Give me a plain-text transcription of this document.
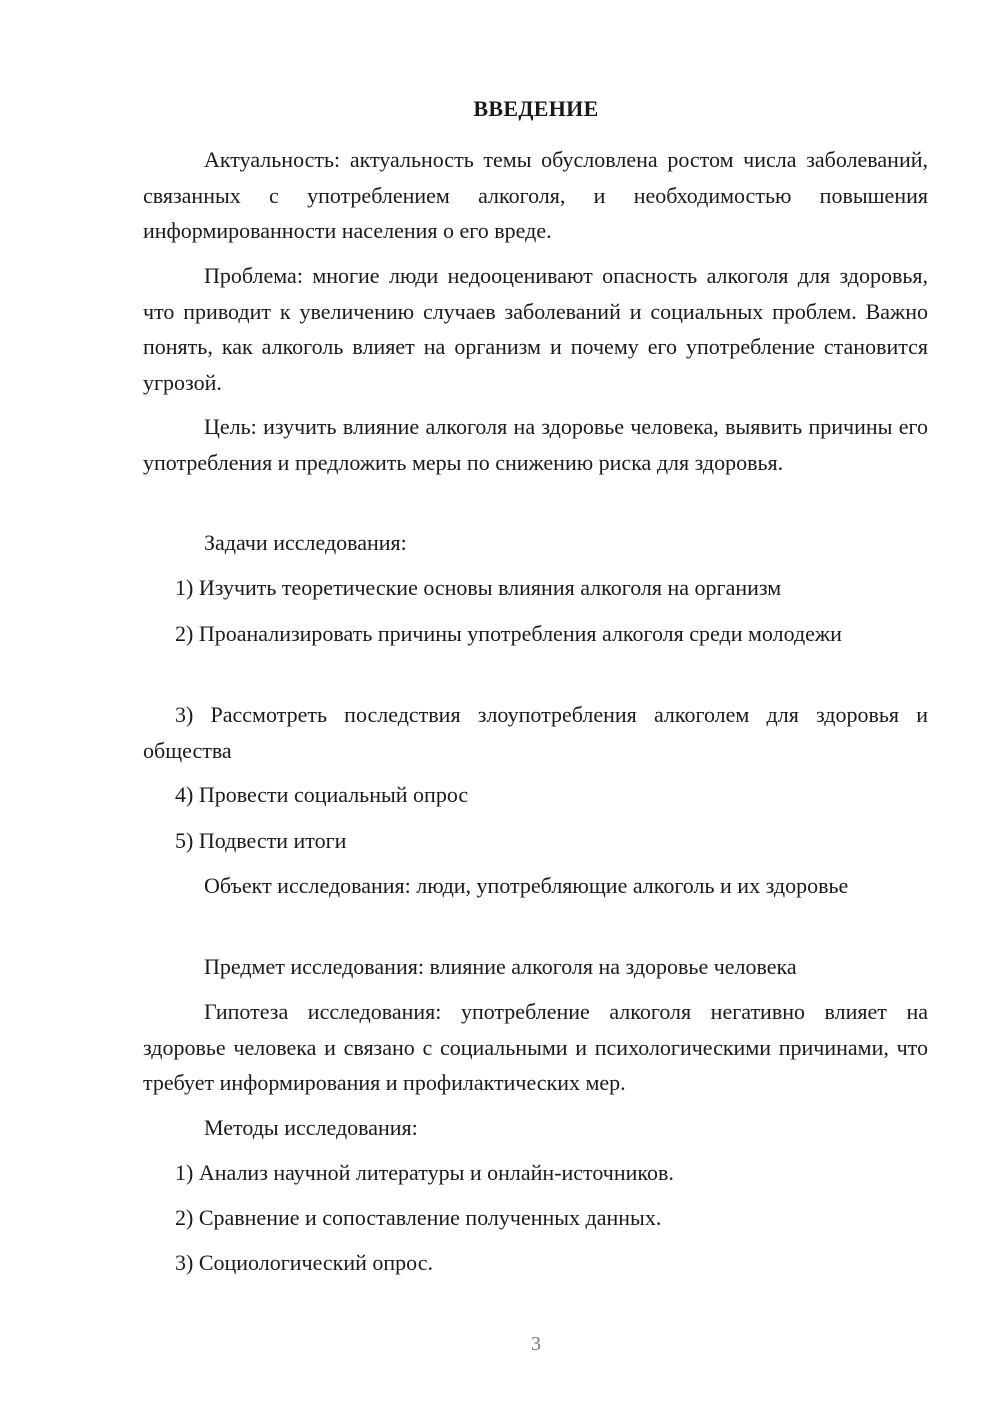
ВВЕДЕНИЕ

Актуальность: актуальность темы обусловлена ростом числа заболеваний, связанных с употреблением алкоголя, и необходимостью повышения информированности населения о его вреде.

Проблема: многие люди недооценивают опасность алкоголя для здоровья, что приводит к увеличению случаев заболеваний и социальных проблем. Важно понять, как алкоголь влияет на организм и почему его употребление становится угрозой.

Цель: изучить влияние алкоголя на здоровье человека, выявить причины его употребления и предложить меры по снижению риска для здоровья.

Задачи исследования:

1) Изучить теоретические основы влияния алкоголя на организм

2) Проанализировать причины употребления алкоголя среди молодежи

3) Рассмотреть последствия злоупотребления алкоголем для здоровья и общества

4) Провести социальный опрос

5) Подвести итоги

Объект исследования: люди, употребляющие алкоголь и их здоровье

Предмет исследования: влияние алкоголя на здоровье человека

Гипотеза исследования: употребление алкоголя негативно влияет на здоровье человека и связано с социальными и психологическими причинами, что требует информирования и профилактических мер.

Методы исследования:

1) Анализ научной литературы и онлайн-источников.

2) Сравнение и сопоставление полученных данных.

3) Социологический опрос.

3
